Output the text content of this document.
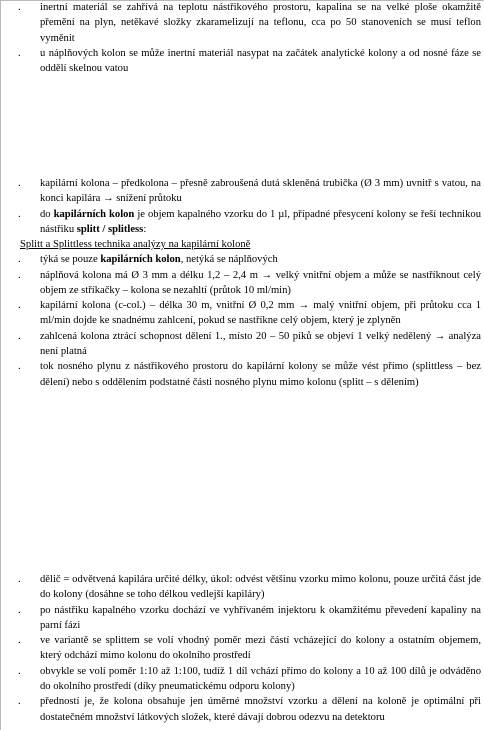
.	inertní materiál se zahřívá na teplotu nástřikového prostoru, kapalina se na velké ploše okamžitě přemění na plyn, netěkavé složky zkaramelizují na teflonu, cca po 50 stanoveních se musí teflon vyměnit
.	u náplňových kolon se může inertní materiál nasypat na začátek analytické kolony a od nosné fáze se oddělí skelnou vatou
.	kapilární kolona – předkolona – přesně zabroušená dutá skleněná trubička (Ø 3 mm) uvnitř s vatou, na konci kapilára → snížení průtoku
.	do kapilárních kolon je objem kapalného vzorku do 1 µl, případné přesycení kolony se řeší technikou nástřiku splitt / splitless:
Splitt a Splittless technika analýzy na kapilární koloně
.	týká se pouze kapilárních kolon, netýká se náplňových
.	náplňová kolona má Ø 3 mm a délku 1,2 – 2,4 m → velký vnitřní objem a může se nastříknout celý objem ze stříkačky – kolona se nezahltí (průtok 10 ml/min)
.	kapilární kolona (c-col.) – délka 30 m, vnitřní Ø 0,2 mm → malý vnitřní objem, při průtoku cca 1 ml/min dojde ke snadnému zahlcení, pokud se nastříkne celý objem, který je zplyněn
.	zahlcená kolona ztrácí schopnost dělení 1., místo 20 – 50 píků se objeví 1 velký nedělený → analýza není platná
.	tok nosného plynu z nástřikového prostoru do kapilární kolony se může vést přímo (splittless – bez dělení) nebo s oddělením podstatné části nosného plynu mimo kolonu (splitt – s dělením)
.	dělič = odvětvená kapilára určité délky, úkol: odvést většinu vzorku mimo kolonu, pouze určitá část jde do kolony (dosáhne se toho délkou vedlejší kapiláry)
.	po nástřiku kapalného vzorku dochází ve vyhřívaném injektoru k okamžitému převedení kapaliny na parní fázi
.	ve variantě se splittem se volí vhodný poměr mezi částí vcházející do kolony a ostatním objemem, který odchází mimo kolonu do okolního prostředí
.	obvykle se volí poměr 1:10 až 1:100, tudíž 1 díl vchází přímo do kolony a 10 až 100 dílů je odváděno do okolního prostředí (díky pneumatickému odporu kolony)
.	předností je, že kolona obsahuje jen úměrné množství vzorku a dělení na koloně je optimální při dostatečném množství látkových složek, které dávají dobrou odezvu na detektoru
